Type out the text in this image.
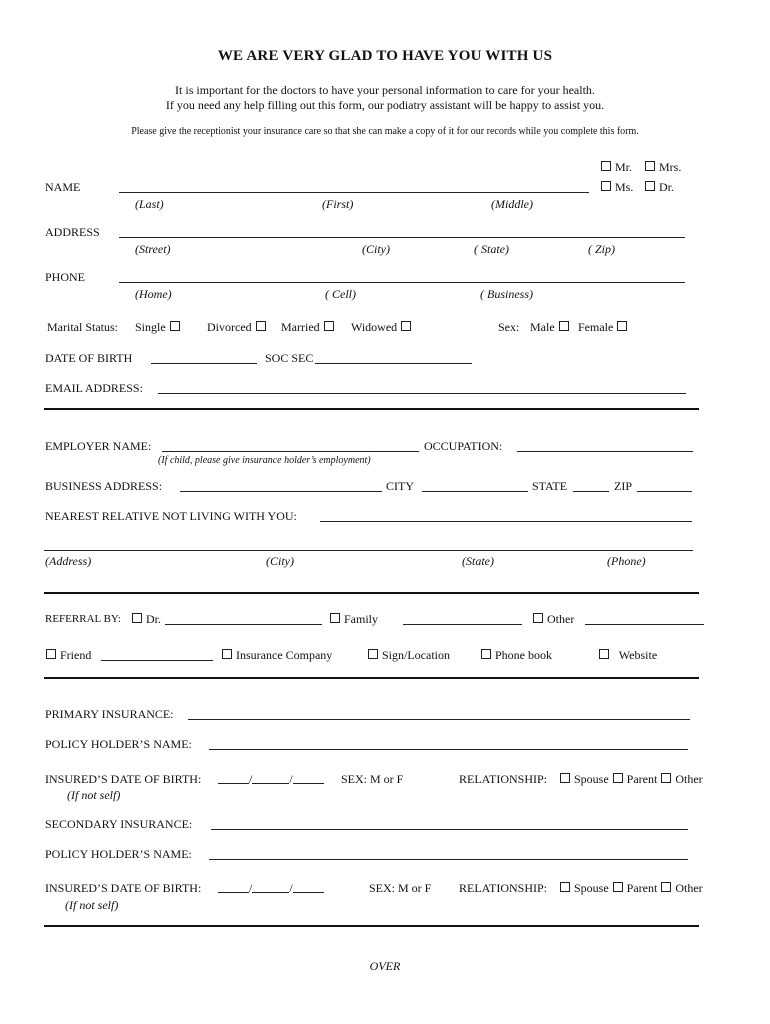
WE ARE VERY GLAD TO HAVE YOU WITH US
It is important for the doctors to have your personal information to care for your health.
If you need any help filling out this form, our podiatry assistant will be happy to assist you.
Please give the receptionist your insurance care so that she can make a copy of it for our records while you complete this form.
Mr.	Mrs.
Ms.	Dr.
NAME
(Last)	(First)	(Middle)
ADDRESS
(Street)	(City)	( State)	( Zip)
PHONE
(Home)	( Cell)	( Business)
Marital Status: Single	Divorced	Married	Widowed	Sex: Male	Female
DATE OF BIRTH	SOC SEC
EMAIL ADDRESS:
EMPLOYER NAME:
(If child, please give insurance holder’s employment)
OCCUPATION:
BUSINESS ADDRESS:	CITY	STATE	ZIP
NEAREST RELATIVE NOT LIVING WITH YOU:
(Address)	(City)	(State)	(Phone)
REFERRAL BY:	Dr.	Family	Other
Friend	Insurance Company	Sign/Location	Phone book	Website
PRIMARY INSURANCE:
POLICY HOLDER’S NAME:
INSURED’S DATE OF BIRTH:	/	/
(If not self)
SEX: M or F	RELATIONSHIP:	Spouse Parent Other
SECONDARY INSURANCE:
POLICY HOLDER’S NAME:
INSURED’S DATE OF BIRTH:	/	/
(If not self)
SEX: M or F RELATIONSHIP:	Spouse Parent Other
OVER
